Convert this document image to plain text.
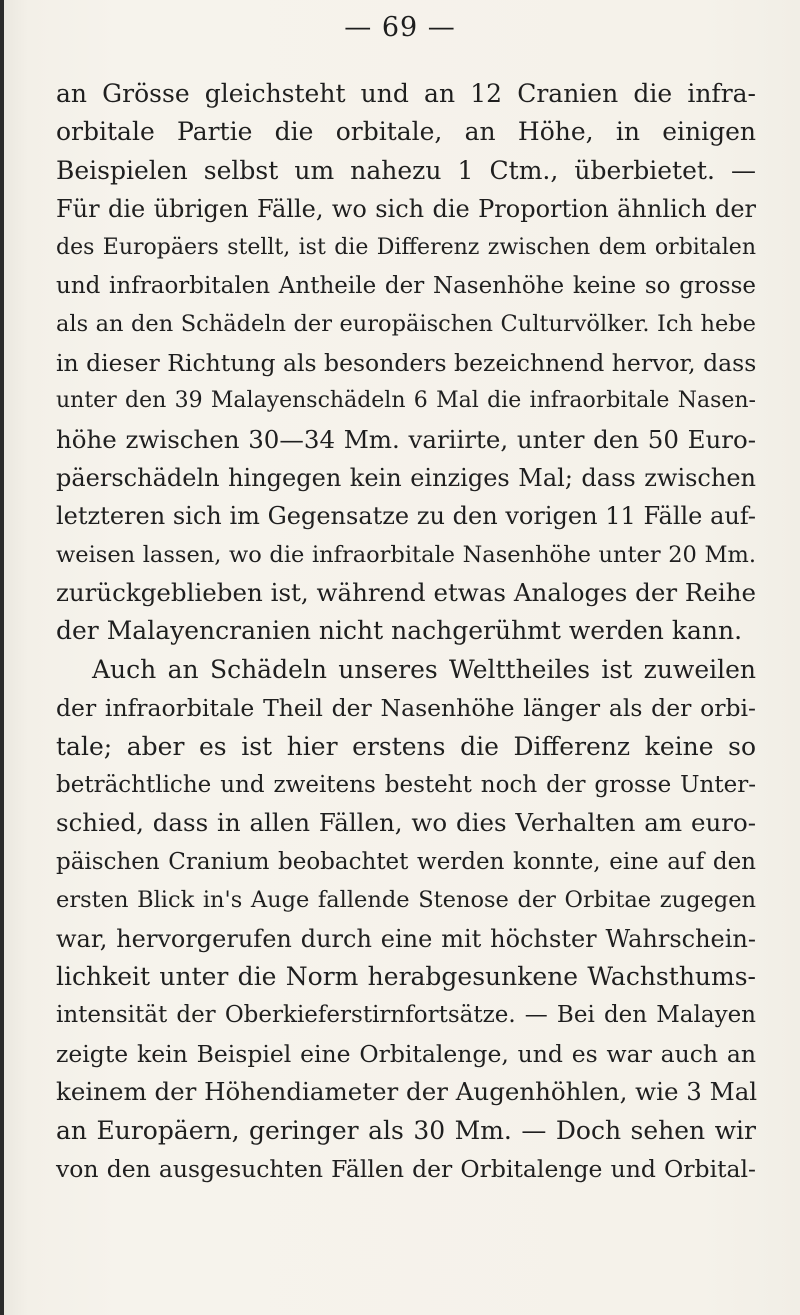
— 69 —
an Grösse gleichsteht und an 12 Cranien die infra-
orbitale Partie die orbitale, an Höhe, in einigen
Beispielen selbst um nahezu 1 Ctm., überbietet. —
Für die übrigen Fälle, wo sich die Proportion ähnlich der
des Europäers stellt, ist die Differenz zwischen dem orbitalen
und infraorbitalen Antheile der Nasenhöhe keine so grosse
als an den Schädeln der europäischen Culturvölker. Ich hebe
in dieser Richtung als besonders bezeichnend hervor, dass
unter den 39 Malayenschädeln 6 Mal die infraorbitale Nasen-
höhe zwischen 30—34 Mm. variirte, unter den 50 Euro-
päerschädeln hingegen kein einziges Mal; dass zwischen
letzteren sich im Gegensatze zu den vorigen 11 Fälle auf-
weisen lassen, wo die infraorbitale Nasenhöhe unter 20 Mm.
zurückgeblieben ist, während etwas Analoges der Reihe
der Malayencranien nicht nachgerühmt werden kann.
Auch an Schädeln unseres Welttheiles ist zuweilen
der infraorbitale Theil der Nasenhöhe länger als der orbi-
tale; aber es ist hier erstens die Differenz keine so
beträchtliche und zweitens besteht noch der grosse Unter-
schied, dass in allen Fällen, wo dies Verhalten am euro-
päischen Cranium beobachtet werden konnte, eine auf den
ersten Blick in's Auge fallende Stenose der Orbitae zugegen
war, hervorgerufen durch eine mit höchster Wahrschein-
lichkeit unter die Norm herabgesunkene Wachsthums-
intensität der Oberkieferstirnfortsätze. — Bei den Malayen
zeigte kein Beispiel eine Orbitalenge, und es war auch an
keinem der Höhendiameter der Augenhöhlen, wie 3 Mal
an Europäern, geringer als 30 Mm. — Doch sehen wir
von den ausgesuchten Fällen der Orbitalenge und Orbital-
